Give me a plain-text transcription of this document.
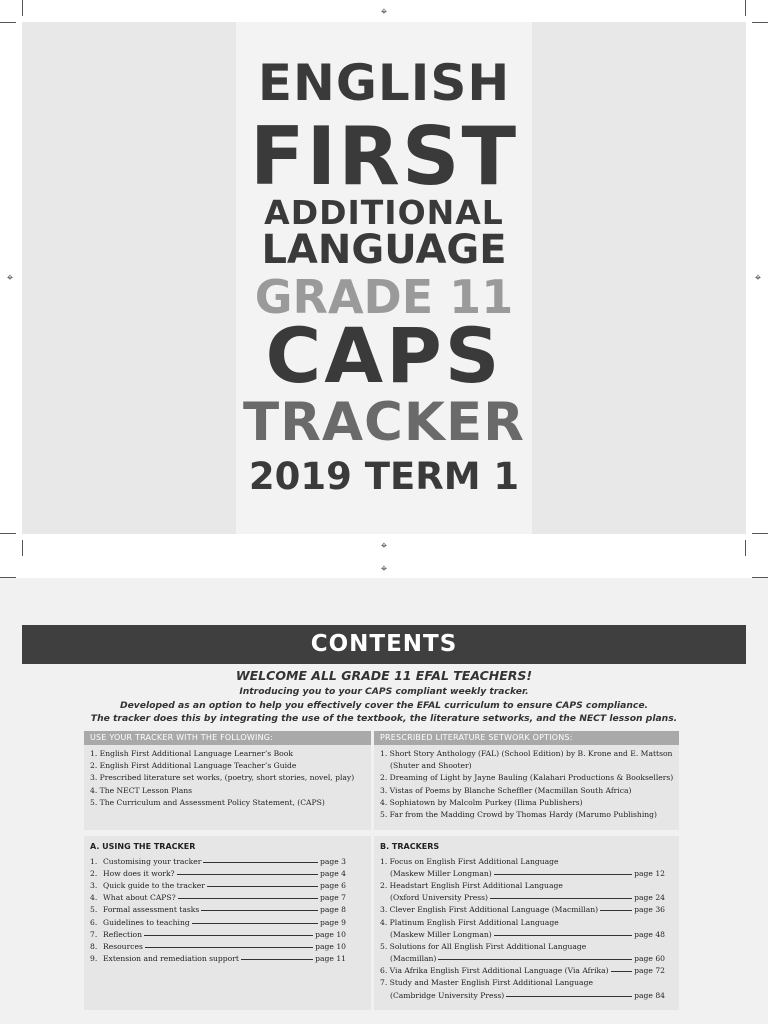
ENGLISH
FIRST
ADDITIONAL
LANGUAGE
GRADE 11
CAPS
TRACKER
2019 TERM 1
⌖
⌖	⌖
⌖
⌖
CONTENTS
WELCOME ALL GRADE 11 EFAL TEACHERS!
Introducing you to your CAPS compliant weekly tracker.
Developed as an option to help you effectively cover the EFAL curriculum to ensure CAPS compliance.
The tracker does this by integrating the use of the textbook, the literature setworks, and the NECT lesson plans.
USE YOUR TRACKER WITH THE FOLLOWING:
1. English First Additional Language Learner’s Book
2. English First Additional Language Teacher’s Guide
3. Prescribed literature set works, (poetry, short stories, novel, play)
4. The NECT Lesson Plans
5. The Curriculum and Assessment Policy Statement, (CAPS)
PRESCRIBED LITERATURE SETWORK OPTIONS:
1. Short Story Anthology (FAL) (School Edition) by B. Krone and E. Mattson
(Shuter and Shooter)
2. Dreaming of Light by Jayne Bauling (Kalahari Productions & Booksellers)
3. Vistas of Poems by Blanche Scheffler (Macmillan South Africa)
4. Sophiatown by Malcolm Purkey (Ilima Publishers)
5. Far from the Madding Crowd by Thomas Hardy (Marumo Publishing)
A. USING THE TRACKER
1. Customising your tracker	page 3
2. How does it work?	page 4
3. Quick guide to the tracker	page 6
4. What about CAPS?	page 7
5. Formal assessment tasks	page 8
6. Guidelines to teaching	page 9
7. Reflection	page 10
8. Resources	page 10
9. Extension and remediation support	page 11
B. TRACKERS
1. Focus on English First Additional Language
(Maskew Miller Longman)	page 12
2. Headstart English First Additional Language
(Oxford University Press)	page 24
3. Clever English First Additional Language (Macmillan)	page 36
4. Platinum English First Additional Language
(Maskew Miller Longman)	page 48
5. Solutions for All English First Additional Language
(Macmillan)	page 60
6. Via Afrika English First Additional Language (Via Afrika)	page 72
7. Study and Master English First Additional Language
(Cambridge University Press)	page 84
